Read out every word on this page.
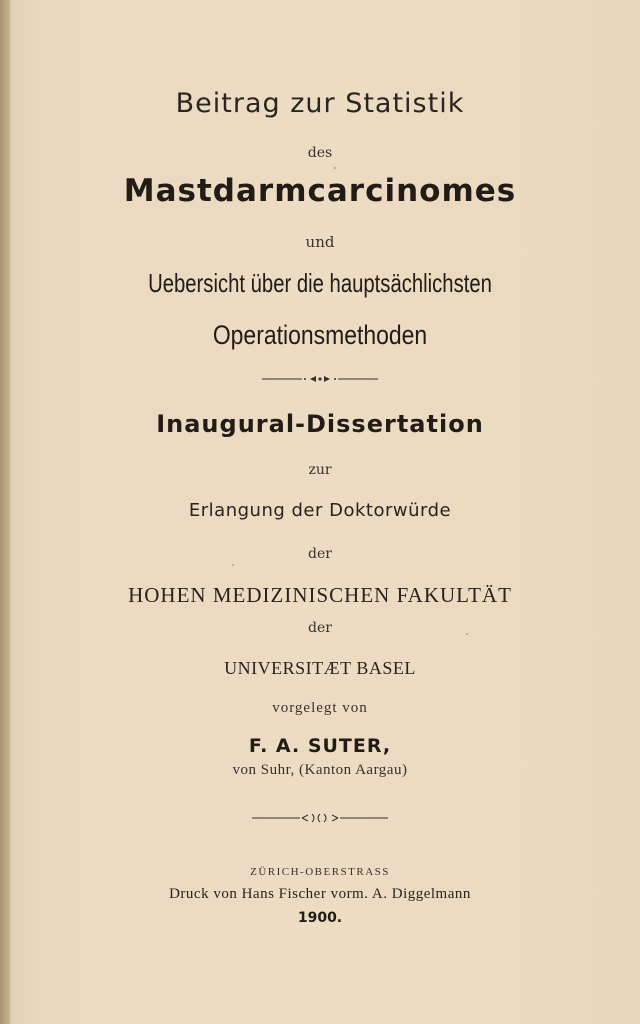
Beitrag zur Statistik
des
Mastdarmcarcinomes
und
Uebersicht über die hauptsächlichsten
Operationsmethoden
Inaugural-Dissertation
zur
Erlangung der Doktorwürde
der
HOHEN MEDIZINISCHEN FAKULTÄT
der
UNIVERSITÆT BASEL
vorgelegt von
F. A. SUTER,
von Suhr, (Kanton Aargau)
ZÜRICH-OBERSTRASS
Druck von Hans Fischer vorm. A. Diggelmann
1900.
